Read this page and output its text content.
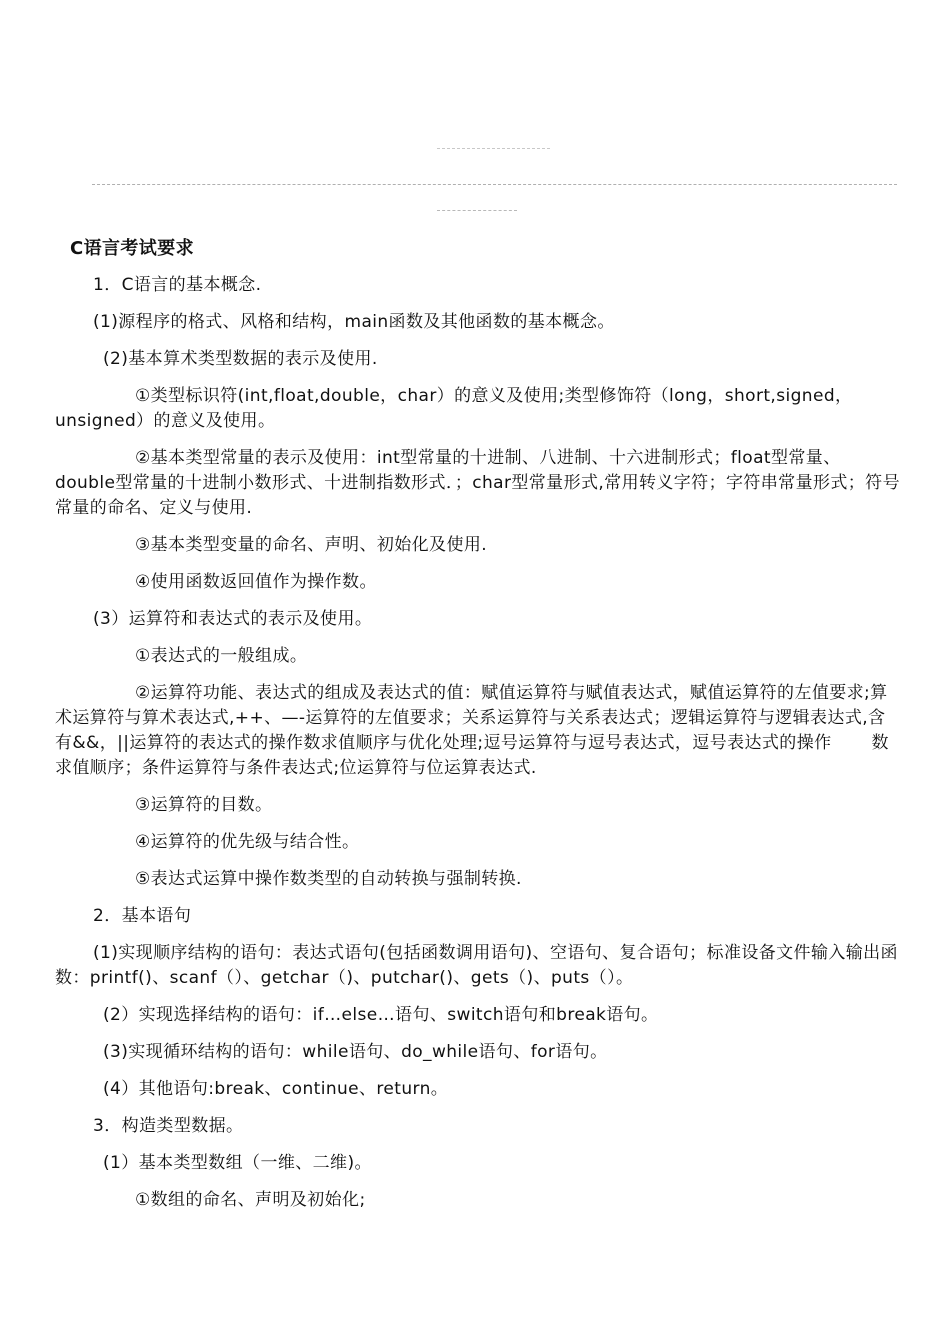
C语言考试要求
1．C语言的基本概念.
(1)源程序的格式、风格和结构，main函数及其他函数的基本概念。
(2)基本算术类型数据的表示及使用.
①类型标识符(int,float,double，char）的意义及使用;类型修饰符（long，short,signed，unsigned）的意义及使用。
②基本类型常量的表示及使用：int型常量的十进制、八进制、十六进制形式；float型常量、double型常量的十进制小数形式、十进制指数形式．；char型常量形式,常用转义字符；字符串常量形式；符号常量的命名、定义与使用.
③基本类型变量的命名、声明、初始化及使用.
④使用函数返回值作为操作数。
(3）运算符和表达式的表示及使用。
①表达式的一般组成。
②运算符功能、表达式的组成及表达式的值：赋值运算符与赋值表达式，赋值运算符的左值要求;算术运算符与算术表达式,++、—-运算符的左值要求；关系运算符与关系表达式；逻辑运算符与逻辑表达式,含有&&，||运算符的表达式的操作数求值顺序与优化处理;逗号运算符与逗号表达式，逗号表达式的操作 数求值顺序；条件运算符与条件表达式;位运算符与位运算表达式.
③运算符的目数。
④运算符的优先级与结合性。
⑤表达式运算中操作数类型的自动转换与强制转换.
2．基本语句
(1)实现顺序结构的语句：表达式语句(包括函数调用语句)、空语句、复合语句；标准设备文件输入输出函数：printf()、scanf（）、getchar（)、putchar()、gets（)、puts（）。
(2）实现选择结构的语句：if…else…语句、switch语句和break语句。
(3)实现循环结构的语句：while语句、do_while语句、for语句。
(4）其他语句:break、continue、return。
3．构造类型数据。
(1）基本类型数组（一维、二维)。
①数组的命名、声明及初始化;
